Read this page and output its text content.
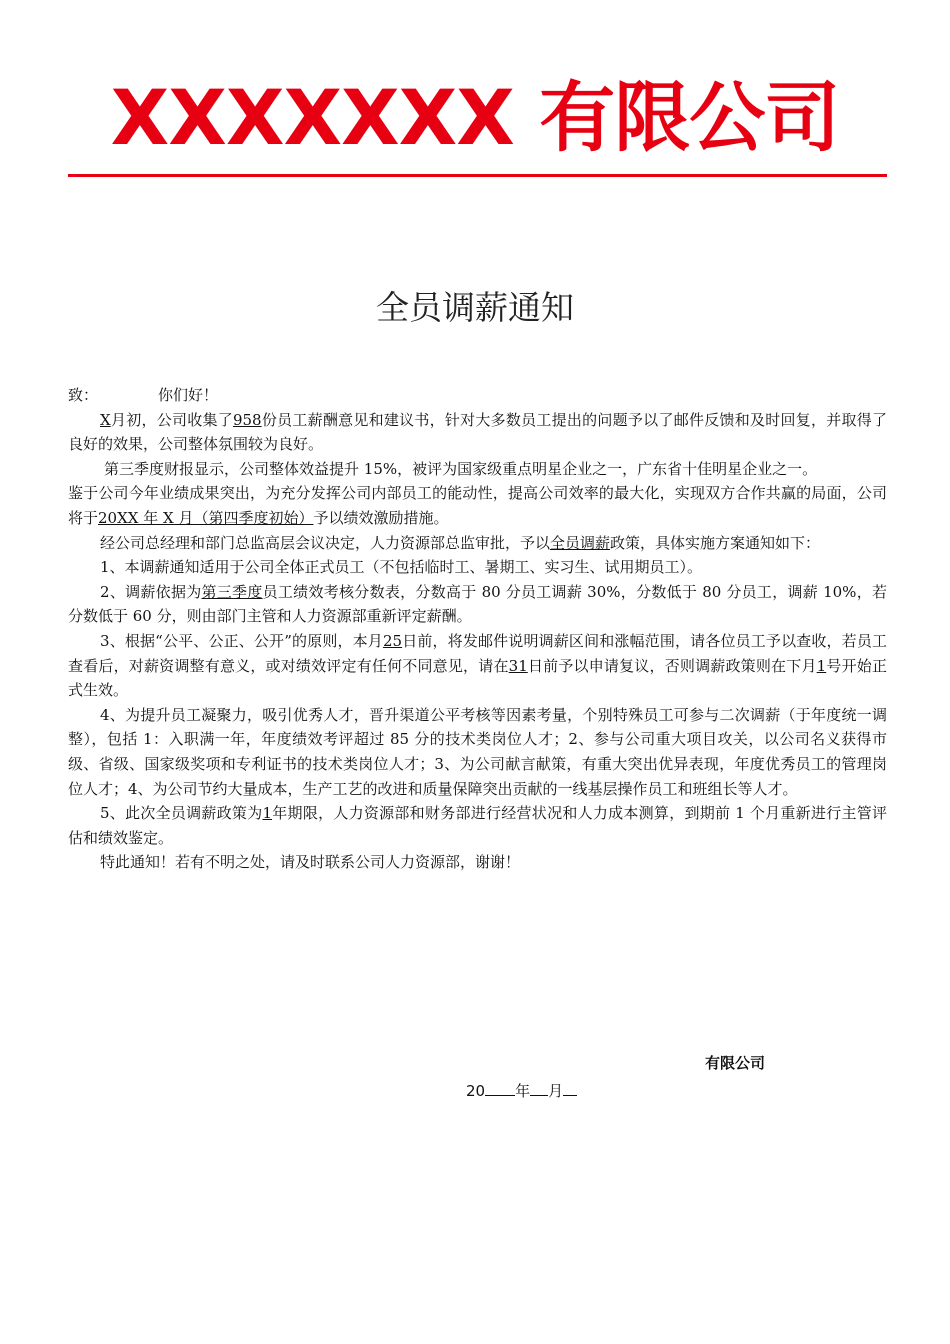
XXXXXXX 有限公司
全员调薪通知

致：	你们好！

X月初，公司收集了958份员工薪酬意见和建议书，针对大多数员工提出的问题予以了邮件反馈和及时回复，并取得了良好的效果，公司整体氛围较为良好。

第三季度财报显示，公司整体效益提升 15%，被评为国家级重点明星企业之一，广东省十佳明星企业之一。

鉴于公司今年业绩成果突出，为充分发挥公司内部员工的能动性，提高公司效率的最大化，实现双方合作共赢的局面，公司将于20XX 年 X 月（第四季度初始）予以绩效激励措施。

经公司总经理和部门总监高层会议决定，人力资源部总监审批，予以全员调薪政策，具体实施方案通知如下：

1、本调薪通知适用于公司全体正式员工（不包括临时工、暑期工、实习生、试用期员工）。

2、调薪依据为第三季度员工绩效考核分数表，分数高于 80 分员工调薪 30%，分数低于 80 分员工，调薪 10%，若分数低于 60 分，则由部门主管和人力资源部重新评定薪酬。

3、根据“公平、公正、公开”的原则，本月25日前，将发邮件说明调薪区间和涨幅范围，请各位员工予以查收，若员工查看后，对薪资调整有意义，或对绩效评定有任何不同意见，请在31日前予以申请复议，否则调薪政策则在下月1号开始正式生效。

4、为提升员工凝聚力，吸引优秀人才，晋升渠道公平考核等因素考量，个别特殊员工可参与二次调薪（于年度统一调整），包括 1：入职满一年，年度绩效考评超过 85 分的技术类岗位人才；2、参与公司重大项目攻关，以公司名义获得市级、省级、国家级奖项和专利证书的技术类岗位人才；3、为公司献言献策，有重大突出优异表现，年度优秀员工的管理岗位人才；4、为公司节约大量成本，生产工艺的改进和质量保障突出贡献的一线基层操作员工和班组长等人才。

5、此次全员调薪政策为1年期限，人力资源部和财务部进行经营状况和人力成本测算，到期前 1 个月重新进行主管评估和绩效鉴定。

特此通知！若有不明之处，请及时联系公司人力资源部，谢谢！

有限公司
20 年 月
